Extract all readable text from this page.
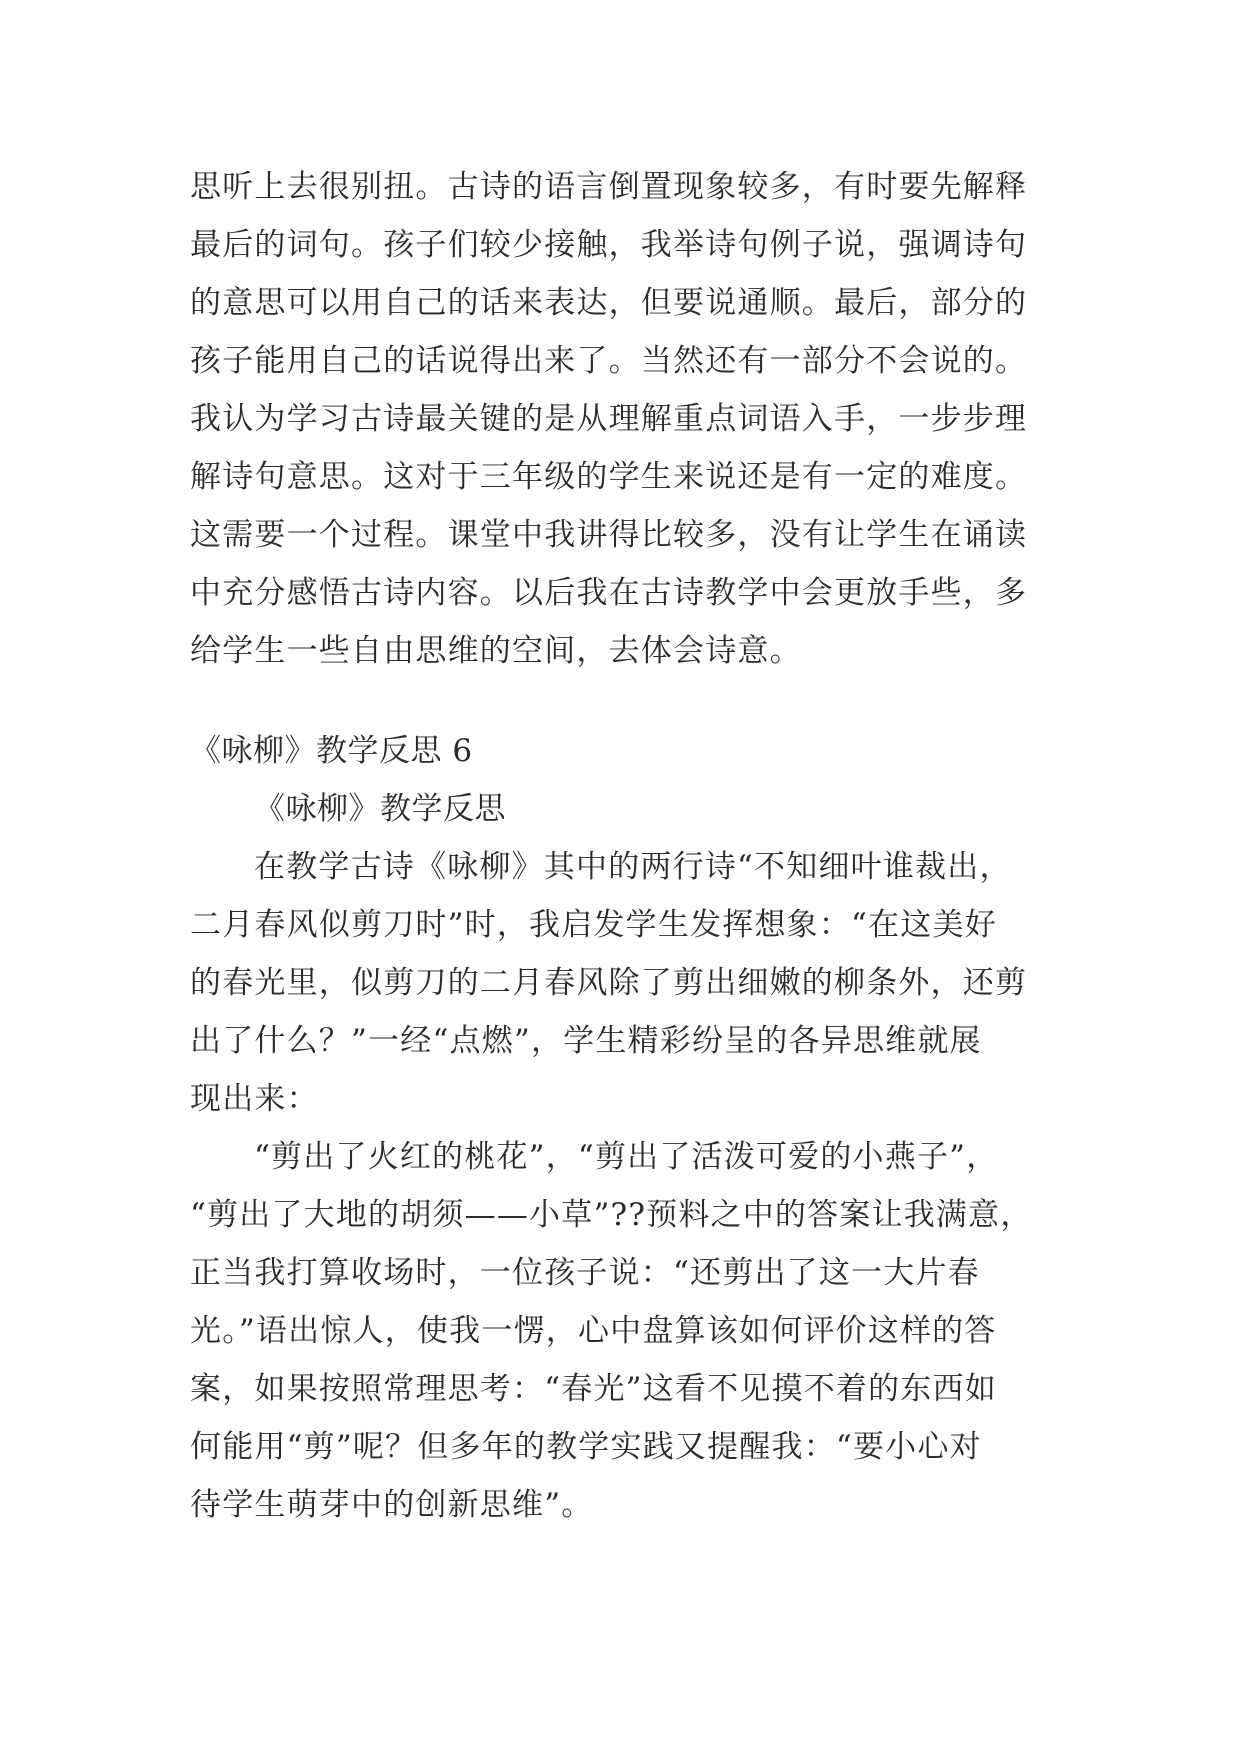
思听上去很别扭。古诗的语言倒置现象较多，有时要先解释
最后的词句。孩子们较少接触，我举诗句例子说，强调诗句
的意思可以用自己的话来表达，但要说通顺。最后，部分的
孩子能用自己的话说得出来了。当然还有一部分不会说的。
我认为学习古诗最关键的是从理解重点词语入手，一步步理
解诗句意思。这对于三年级的学生来说还是有一定的难度。
这需要一个过程。课堂中我讲得比较多，没有让学生在诵读
中充分感悟古诗内容。以后我在古诗教学中会更放手些，多
给学生一些自由思维的空间，去体会诗意。

《咏柳》教学反思 6

《咏柳》教学反思

在教学古诗《咏柳》其中的两行诗“不知细叶谁裁出，
二月春风似剪刀时”时，我启发学生发挥想象：“在这美好
的春光里，似剪刀的二月春风除了剪出细嫩的柳条外，还剪
出了什么？”一经“点燃”，学生精彩纷呈的各异思维就展
现出来：

“剪出了火红的桃花”，“剪出了活泼可爱的小燕子”，
“剪出了大地的胡须——小草”??预料之中的答案让我满意，
正当我打算收场时，一位孩子说：“还剪出了这一大片春
光。”语出惊人，使我一愣，心中盘算该如何评价这样的答
案，如果按照常理思考：“春光”这看不见摸不着的东西如
何能用“剪”呢？但多年的教学实践又提醒我：“要小心对
待学生萌芽中的创新思维”。
